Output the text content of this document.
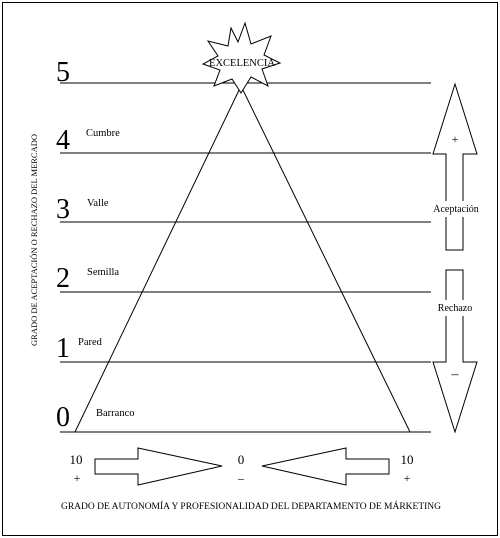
EXCELENCIA
5
4
3
2
1
0
Cumbre
Valle
Semilla
Pared
Barranco
GRADO DE ACEPTACIÓN O RECHAZO DEL MERCADO	+
Aceptación
Rechazo
–
10
+
0
–
10
+
GRADO DE AUTONOMÍA Y PROFESIONALIDAD DEL DEPARTAMENTO DE MÁRKETING
